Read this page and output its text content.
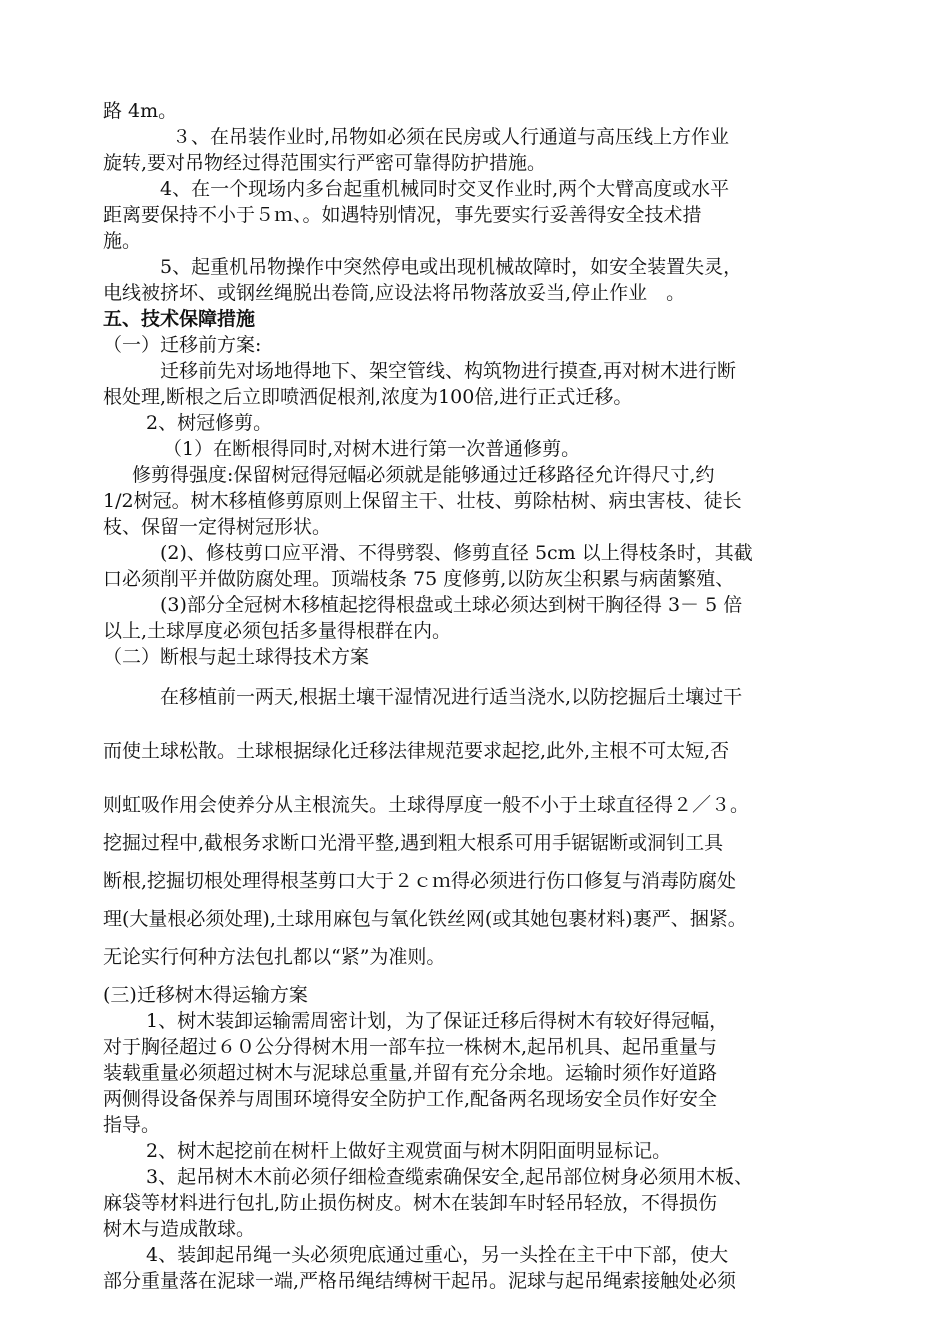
路 4m。
３、在吊装作业时,吊物如必须在民房或人行通道与高压线上方作业
旋转,要对吊物经过得范围实行严密可靠得防护措施。
4、在一个现场内多台起重机械同时交叉作业时,两个大臂高度或水平
距离要保持不小于５ｍ、。如遇特别情况，事先要实行妥善得安全技术措
施。
5、起重机吊物操作中突然停电或出现机械故障时，如安全装置失灵，
电线被挤坏、或钢丝绳脱出卷筒,应设法将吊物落放妥当,停止作业　。
五、技术保障措施
（一）迁移前方案:
迁移前先对场地得地下、架空管线、构筑物进行摸查,再对树木进行断
根处理,断根之后立即喷洒促根剂,浓度为100倍,进行正式迁移。
2、树冠修剪。
（1）在断根得同时,对树木进行第一次普通修剪。
修剪得强度:保留树冠得冠幅必须就是能够通过迁移路径允许得尺寸,约
1/2树冠。树木移植修剪原则上保留主干、壮枝、剪除枯树、病虫害枝、徒长
枝、保留一定得树冠形状。
(2)、修枝剪口应平滑、不得劈裂、修剪直径 5cm 以上得枝条时，其截
口必须削平并做防腐处理。顶端枝条 75 度修剪,以防灰尘积累与病菌繁殖、
(3)部分全冠树木移植起挖得根盘或土球必须达到树干胸径得 3－ 5 倍
以上,土球厚度必须包括多量得根群在内。
（二）断根与起土球得技术方案
在移植前一两天,根据土壤干湿情况进行适当浇水,以防挖掘后土壤过干
而使土球松散。土球根据绿化迁移法律规范要求起挖,此外,主根不可太短,否
则虹吸作用会使养分从主根流失。土球得厚度一般不小于土球直径得２／３。
挖掘过程中,截根务求断口光滑平整,遇到粗大根系可用手锯锯断或洞钊工具
断根,挖掘切根处理得根茎剪口大于２ｃｍ得必须进行伤口修复与消毒防腐处
理(大量根必须处理),土球用麻包与氧化铁丝网(或其她包裹材料)裹严、捆紧。
无论实行何种方法包扎都以“紧”为准则。
(三)迁移树木得运输方案
1、树木装卸运输需周密计划，为了保证迁移后得树木有较好得冠幅，
对于胸径超过６０公分得树木用一部车拉一株树木,起吊机具、起吊重量与
装载重量必须超过树木与泥球总重量,并留有充分余地。运输时须作好道路
两侧得设备保养与周围环境得安全防护工作,配备两名现场安全员作好安全
指导。
2、树木起挖前在树杆上做好主观赏面与树木阴阳面明显标记。
3、起吊树木木前必须仔细检查缆索确保安全,起吊部位树身必须用木板、
麻袋等材料进行包扎,防止损伤树皮。树木在装卸车时轻吊轻放，不得损伤
树木与造成散球。
4、装卸起吊绳一头必须兜底通过重心，另一头拴在主干中下部，使大
部分重量落在泥球一端,严格吊绳结缚树干起吊。泥球与起吊绳索接触处必须
